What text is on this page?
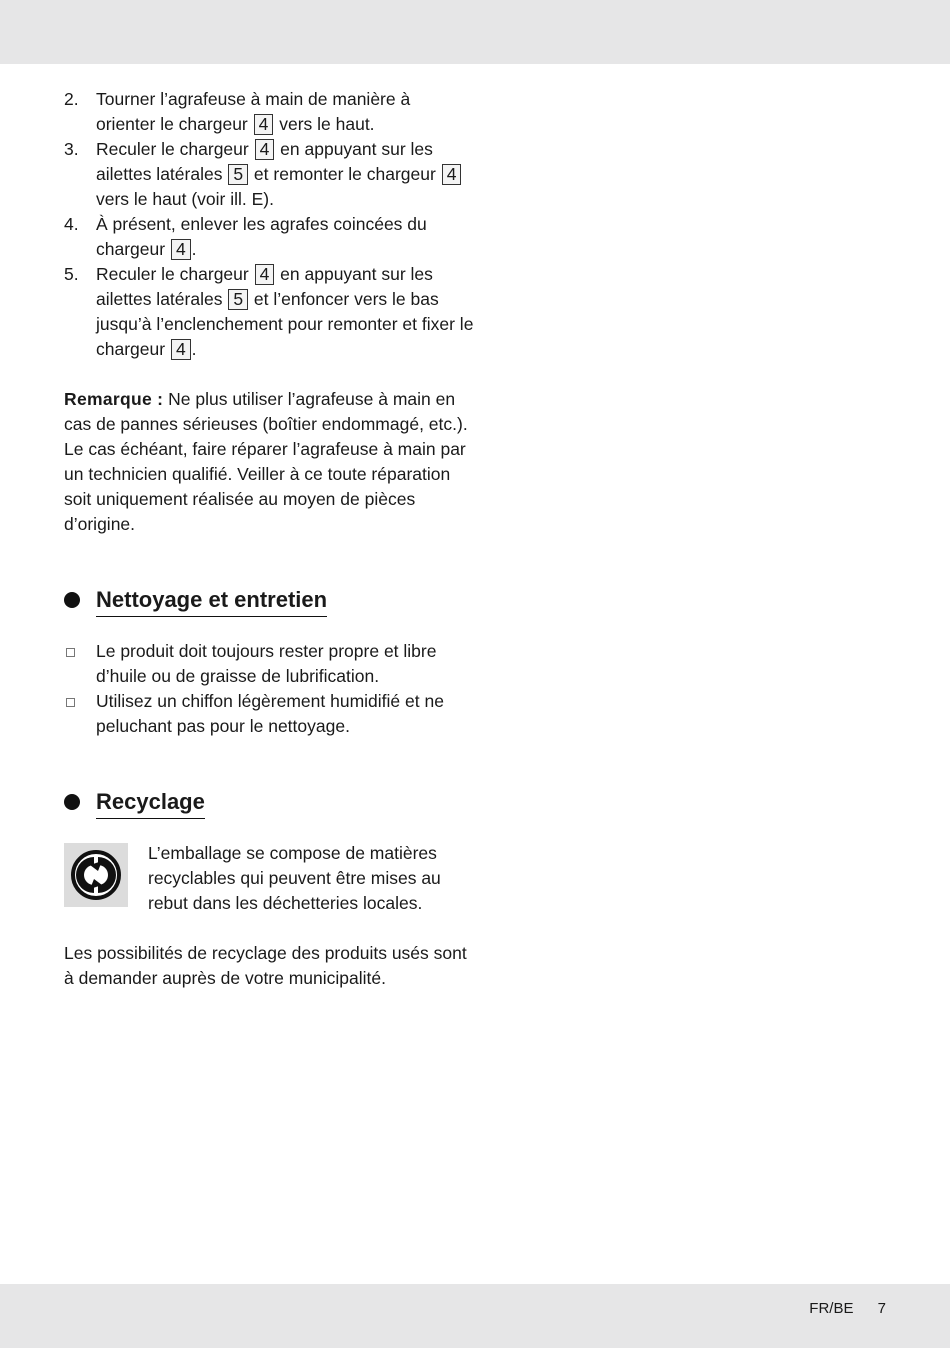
2. Tourner l’agrafeuse à main de manière à orienter le chargeur 4 vers le haut.
3. Reculer le chargeur 4 en appuyant sur les ailettes latérales 5 et remonter le chargeur 4 vers le haut (voir ill. E).
4. À présent, enlever les agrafes coincées du chargeur 4 .
5. Reculer le chargeur 4 en appuyant sur les ailettes latérales 5 et l’enfoncer vers le bas jusqu’à l’enclenchement pour remonter et fixer le chargeur 4 .

Remarque : Ne plus utiliser l’agrafeuse à main en cas de pannes sérieuses (boîtier endommagé, etc.). Le cas échéant, faire réparer l’agrafeuse à main par un technicien qualifié. Veiller à ce toute réparation soit uniquement réalisée au moyen de pièces d’origine.

Nettoyage et entretien
Le produit doit toujours rester propre et libre d’huile ou de graisse de lubrification.
Utilisez un chiffon légèrement humidifié et ne peluchant pas pour le nettoyage.
Recyclage
L’emballage se compose de matières recyclables qui peuvent être mises au rebut dans les déchetteries locales.

Les possibilités de recyclage des produits usés sont à demander auprès de votre municipalité.

FR/BE 7
